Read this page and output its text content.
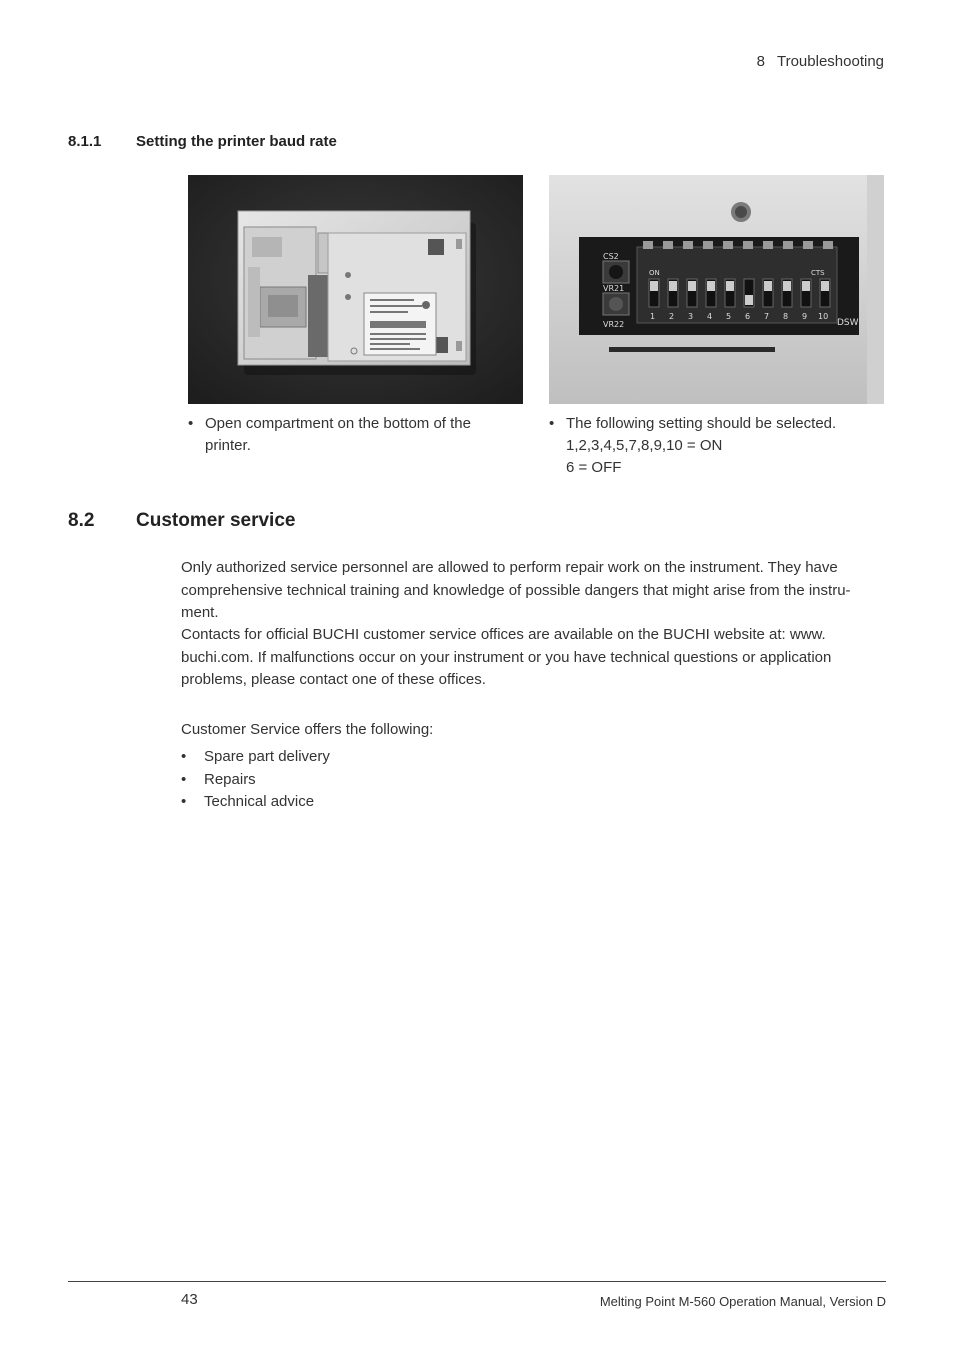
8 Troubleshooting
8.1.1 Setting the printer baud rate
ON	CTS
CS2
VR21
VR22	DSW
1 2 3 4 5 6 7 8 9 10
• Open compartment on the bottom of the printer.
• The following setting should be selected.
1,2,3,4,5,7,8,9,10 = ON
6 = OFF
8.2 Customer service
Only authorized service personnel are allowed to perform repair work on the instrument. They have comprehensive technical training and knowledge of possible dangers that might arise from the instru- ment.
Contacts for official BUCHI customer service offices are available on the BUCHI website at: www. buchi.com. If malfunctions occur on your instrument or you have technical questions or application problems, please contact one of these offices.
Customer Service offers the following:
•	Spare part delivery
•	Repairs
•	Technical advice
43	Melting Point M-560 Operation Manual, Version D
